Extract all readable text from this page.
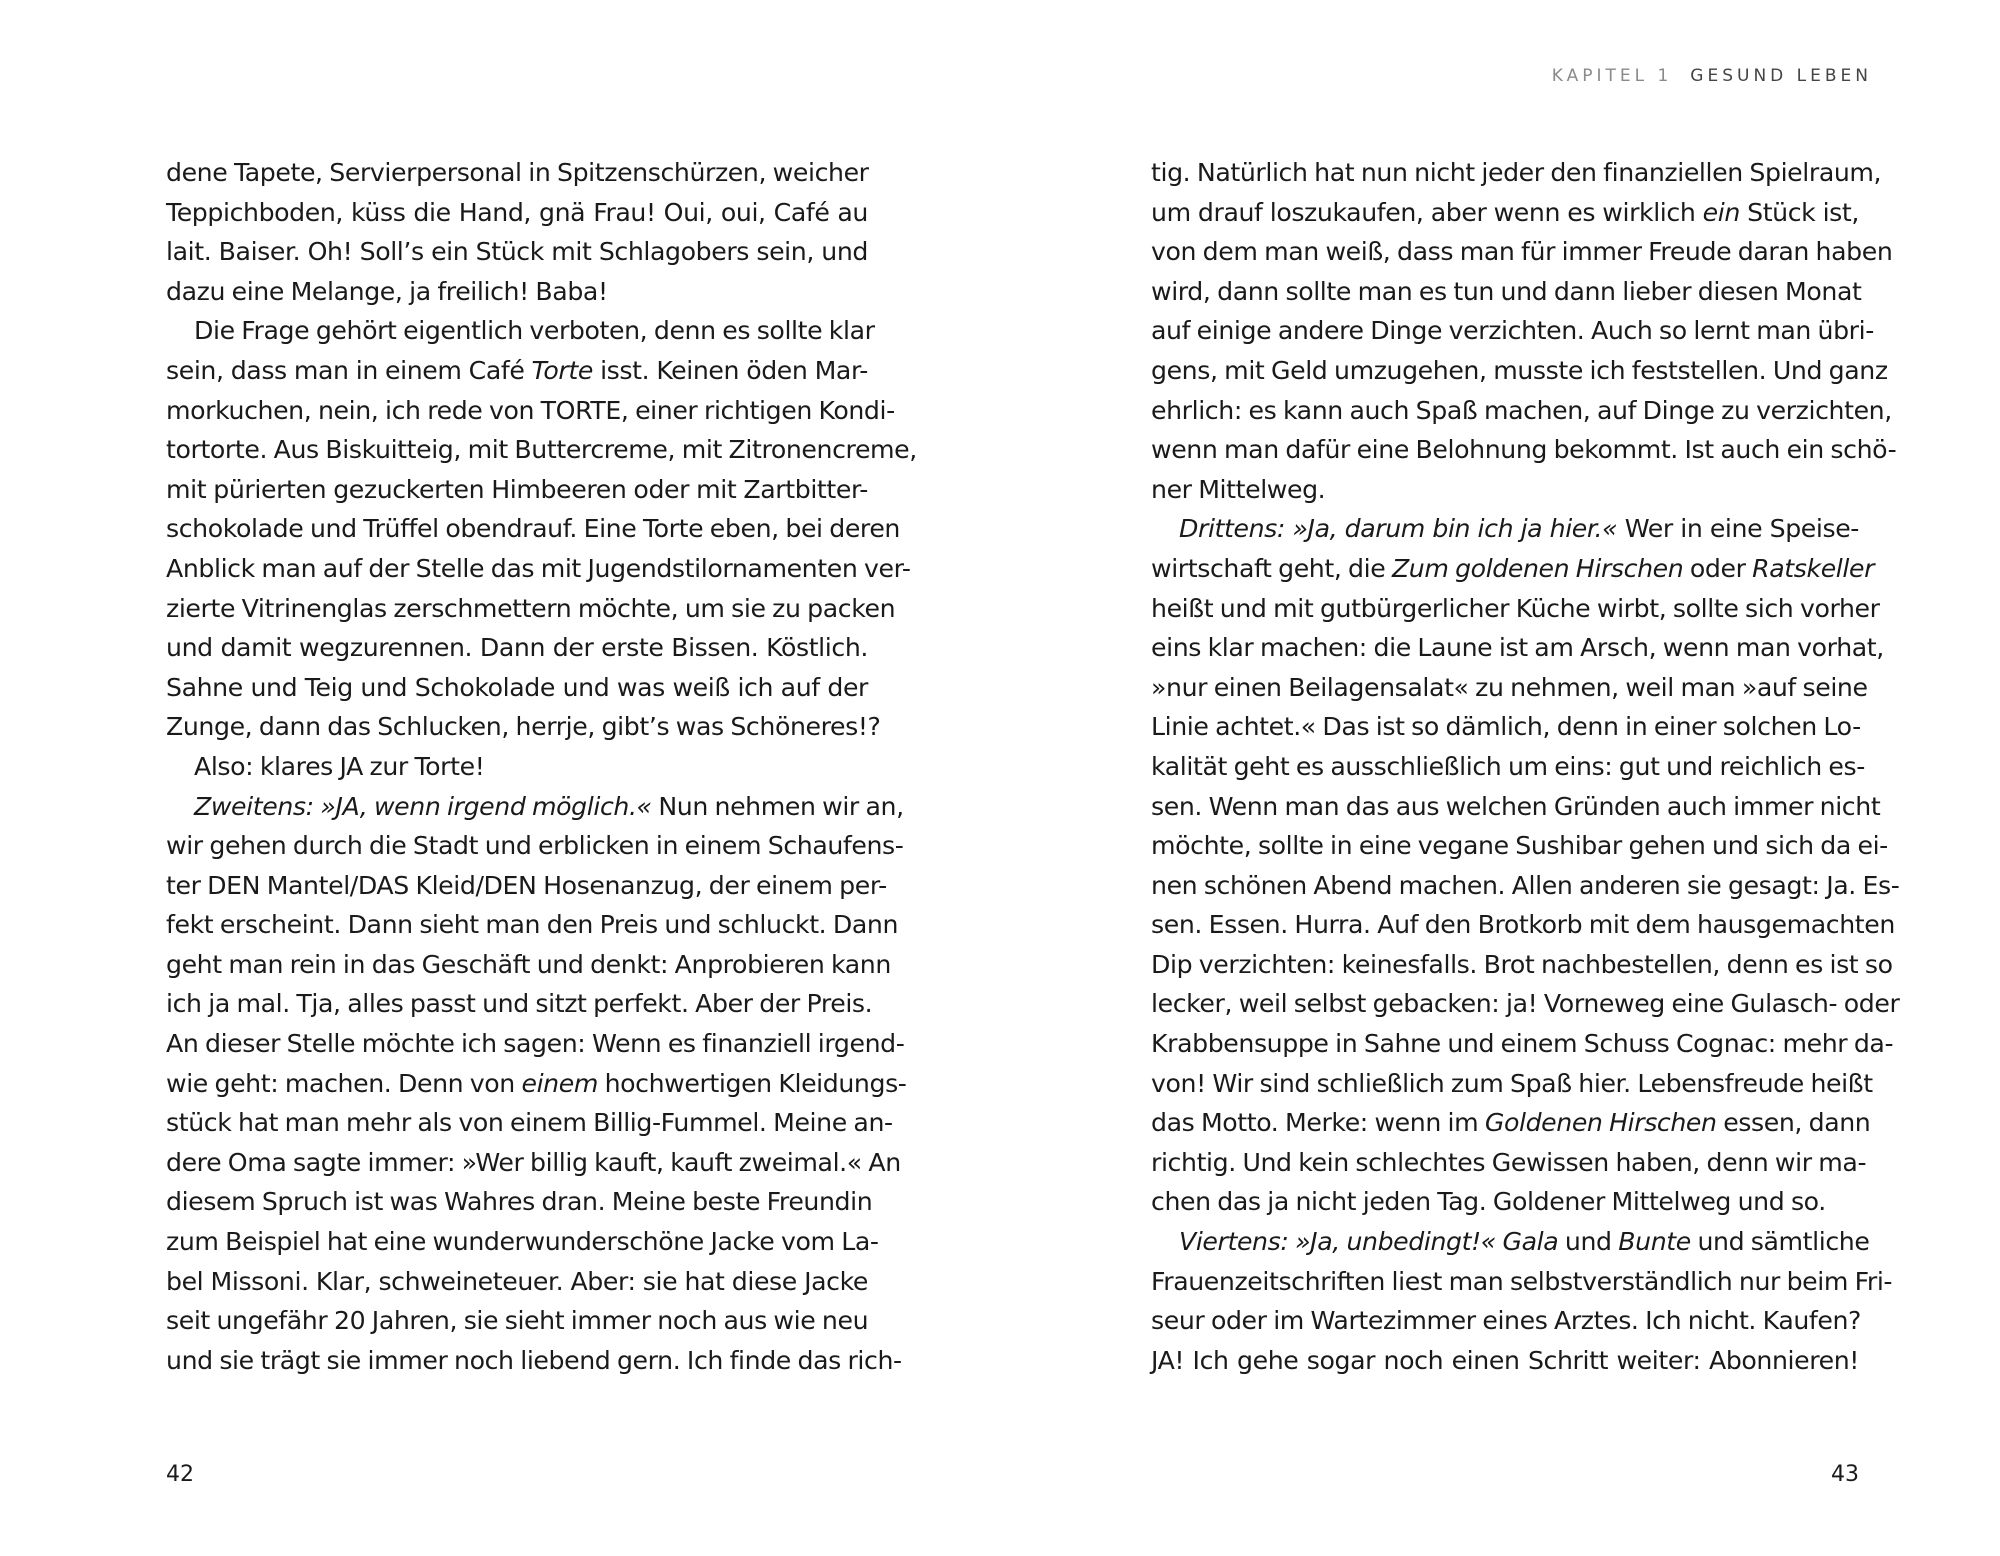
dene Tapete, Servierpersonal in Spitzenschürzen, weicher
Teppichboden, küss die Hand, gnä Frau! Oui, oui, Café au
lait. Baiser. Oh! Soll’s ein Stück mit Schlagobers sein, und
dazu eine Melange, ja freilich! Baba!
Die Frage gehört eigentlich verboten, denn es sollte klar
sein, dass man in einem Café Torte isst. Keinen öden Mar-
morkuchen, nein, ich rede von TORTE, einer richtigen Kondi-
tortorte. Aus Biskuitteig, mit Buttercreme, mit Zitronencreme,
mit pürierten gezuckerten Himbeeren oder mit Zartbitter-
schokolade und Trüffel obendrauf. Eine Torte eben, bei deren
Anblick man auf der Stelle das mit Jugendstilornamenten ver-
zierte Vitrinenglas zerschmettern möchte, um sie zu packen
und damit wegzurennen. Dann der erste Bissen. Köstlich.
Sahne und Teig und Schokolade und was weiß ich auf der
Zunge, dann das Schlucken, herrje, gibt’s was Schöneres!?
Also: klares JA zur Torte!
Zweitens: »JA, wenn irgend möglich.« Nun nehmen wir an,
wir gehen durch die Stadt und erblicken in einem Schaufens-
ter DEN Mantel/DAS Kleid/DEN Hosenanzug, der einem per-
fekt erscheint. Dann sieht man den Preis und schluckt. Dann
geht man rein in das Geschäft und denkt: Anprobieren kann
ich ja mal. Tja, alles passt und sitzt perfekt. Aber der Preis.
An dieser Stelle möchte ich sagen: Wenn es finanziell irgend-
wie geht: machen. Denn von einem hochwertigen Kleidungs-
stück hat man mehr als von einem Billig-Fummel. Meine an-
dere Oma sagte immer: »Wer billig kauft, kauft zweimal.« An
diesem Spruch ist was Wahres dran. Meine beste Freundin
zum Beispiel hat eine wunderwunderschöne Jacke vom La-
bel Missoni. Klar, schweineteuer. Aber: sie hat diese Jacke
seit ungefähr 20 Jahren, sie sieht immer noch aus wie neu
und sie trägt sie immer noch liebend gern. Ich finde das rich-
42
KAPITEL 1 GESUND LEBEN
tig. Natürlich hat nun nicht jeder den finanziellen Spielraum,
um drauf loszukaufen, aber wenn es wirklich ein Stück ist,
von dem man weiß, dass man für immer Freude daran haben
wird, dann sollte man es tun und dann lieber diesen Monat
auf einige andere Dinge verzichten. Auch so lernt man übri-
gens, mit Geld umzugehen, musste ich feststellen. Und ganz
ehrlich: es kann auch Spaß machen, auf Dinge zu verzichten,
wenn man dafür eine Belohnung bekommt. Ist auch ein schö-
ner Mittelweg.
Drittens: »Ja, darum bin ich ja hier.« Wer in eine Speise-
wirtschaft geht, die Zum goldenen Hirschen oder Ratskeller
heißt und mit gutbürgerlicher Küche wirbt, sollte sich vorher
eins klar machen: die Laune ist am Arsch, wenn man vorhat,
»nur einen Beilagensalat« zu nehmen, weil man »auf seine
Linie achtet.« Das ist so dämlich, denn in einer solchen Lo-
kalität geht es ausschließlich um eins: gut und reichlich es-
sen. Wenn man das aus welchen Gründen auch immer nicht
möchte, sollte in eine vegane Sushibar gehen und sich da ei-
nen schönen Abend machen. Allen anderen sie gesagt: Ja. Es-
sen. Essen. Hurra. Auf den Brotkorb mit dem hausgemachten
Dip verzichten: keinesfalls. Brot nachbestellen, denn es ist so
lecker, weil selbst gebacken: ja! Vorneweg eine Gulasch- oder
Krabbensuppe in Sahne und einem Schuss Cognac: mehr da-
von! Wir sind schließlich zum Spaß hier. Lebensfreude heißt
das Motto. Merke: wenn im Goldenen Hirschen essen, dann
richtig. Und kein schlechtes Gewissen haben, denn wir ma-
chen das ja nicht jeden Tag. Goldener Mittelweg und so.
Viertens: »Ja, unbedingt!« Gala und Bunte und sämtliche
Frauenzeitschriften liest man selbstverständlich nur beim Fri-
seur oder im Wartezimmer eines Arztes. Ich nicht. Kaufen?
JA! Ich gehe sogar noch einen Schritt weiter: Abonnieren!
43
